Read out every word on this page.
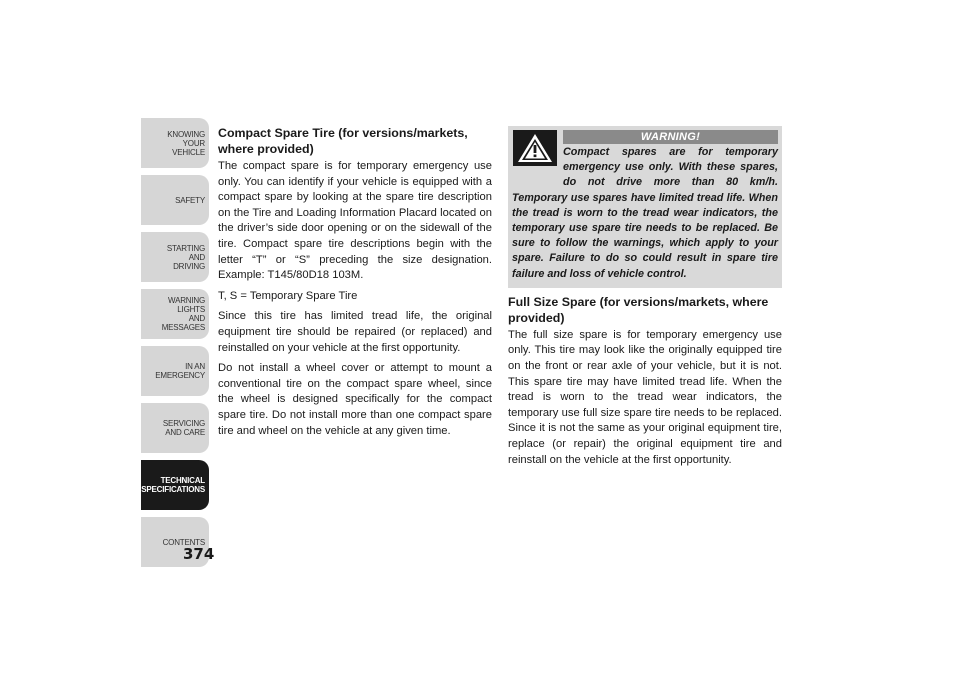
KNOWING
YOUR
VEHICLE
SAFETY
STARTING
AND
DRIVING
WARNING
LIGHTS
AND
MESSAGES
IN AN
EMERGENCY
SERVICING
AND CARE
TECHNICAL
SPECIFICATIONS
CONTENTS
374
Compact Spare Tire (for versions/markets, where provided)

The compact spare is for temporary emergency use only. You can identify if your vehicle is equipped with a compact spare by looking at the spare tire description on the Tire and Loading Information Placard located on the driver’s side door opening or on the sidewall of the tire. Compact spare tire descriptions begin with the letter “T” or “S” preceding the size designation. Example: T145/80D18 103M.

T, S = Temporary Spare Tire

Since this tire has limited tread life, the original equipment tire should be repaired (or replaced) and reinstalled on your vehicle at the first opportunity.

Do not install a wheel cover or attempt to mount a conventional tire on the compact spare wheel, since the wheel is designed specifically for the compact spare tire. Do not install more than one compact spare tire and wheel on the vehicle at any given time.

WARNING!
Compact spares are for temporary emergency use only. With these spares, do not drive more than 80 km/h. Temporary use spares have limited tread life. When the tread is worn to the tread wear indicators, the temporary use spare tire needs to be replaced. Be sure to follow the warnings, which apply to your spare. Failure to do so could result in spare tire failure and loss of vehicle control.
Full Size Spare (for versions/markets, where provided)

The full size spare is for temporary emergency use only. This tire may look like the originally equipped tire on the front or rear axle of your vehicle, but it is not. This spare tire may have limited tread life. When the tread is worn to the tread wear indicators, the temporary use full size spare tire needs to be replaced. Since it is not the same as your original equipment tire, replace (or repair) the original equipment tire and reinstall on the vehicle at the first opportunity.
